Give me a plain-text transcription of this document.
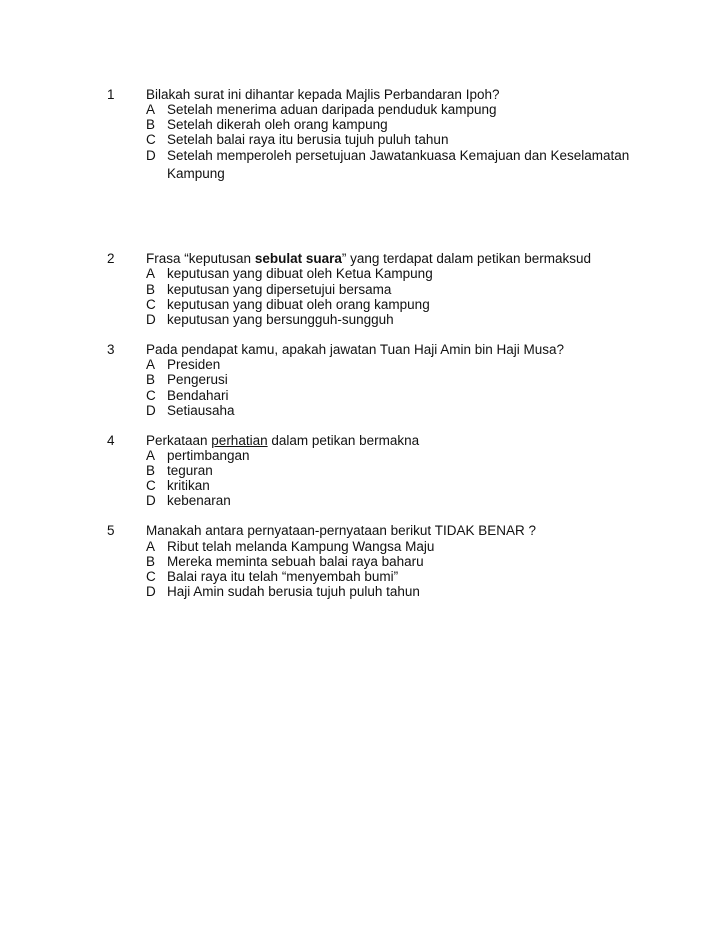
1 Bilakah surat ini dihantar kepada Majlis Perbandaran Ipoh?
A Setelah menerima aduan daripada penduduk kampung
B Setelah dikerah oleh orang kampung
C Setelah balai raya itu berusia tujuh puluh tahun
D Setelah memperoleh persetujuan Jawatankuasa Kemajuan dan Keselamatan Kampung
2 Frasa “keputusan sebulat suara” yang terdapat dalam petikan bermaksud
A keputusan yang dibuat oleh Ketua Kampung
B keputusan yang dipersetujui bersama
C keputusan yang dibuat oleh orang kampung
D keputusan yang bersungguh-sungguh
3 Pada pendapat kamu, apakah jawatan Tuan Haji Amin bin Haji Musa?
A Presiden
B Pengerusi
C Bendahari
D Setiausaha
4 Perkataan perhatian dalam petikan bermakna
A pertimbangan
B teguran
C kritikan
D kebenaran
5 Manakah antara pernyataan-pernyataan berikut TIDAK BENAR ?
A Ribut telah melanda Kampung Wangsa Maju
B Mereka meminta sebuah balai raya baharu
C Balai raya itu telah “menyembah bumi”
D Haji Amin sudah berusia tujuh puluh tahun
